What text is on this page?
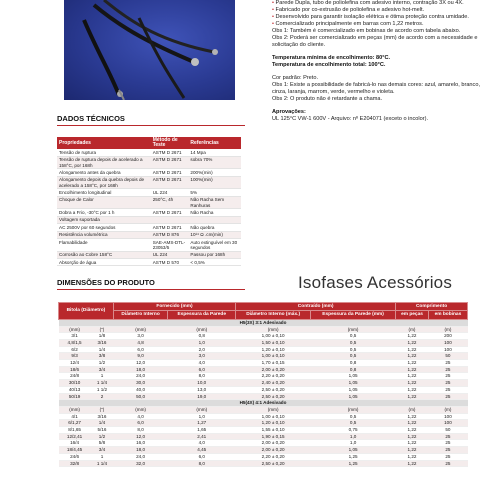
• Parede Dupla, tubo de poliolefina com adesivo interno, contração 3X ou 4X.

• Fabricado por co-extrusão de poliolefina e adesivo hot-melt.

• Desenvolvido para garantir isolação elétrica e ótima proteção contra umidade.

• Comercializado principalmente em barras com 1,22 metros.

Obs 1: Também é comercializado em bobinas de acordo com tabela abaixo.

Obs 2: Poderá ser comercializado em peças (mm) de acordo com a necessidade e solicitação do cliente.

Temperatura mínima de encolhimento: 80°C.

Temperatura de encolhimento total: 100°C.

Cor padrão: Preto.

Obs 1: Existe a possibilidade de fabricá-lo nas demais cores: azul, amarelo, branco, cinza, laranja, marrom, verde, vermelho e violeta.

Obs 2: O produto não é retardante a chama.

Aprovações:

UL 125°C VW-1 600V - Arquivo: nº E204071 (exceto o incolor).

DADOS TÉCNICOS
Propriedades	Método de Teste	Referências
Tensão de ruptura	ASTM D 2671	14 Mpa
Tensão de ruptura depois de acelerado a 158°C, por 168h	ASTM D 2671	sobra 70%
Alongamento antes da quebra	ASTM D 2671	200%(min)
Alongamento depois da quebra depois de acelerado a 158°C, por 168h	ASTM D 2671	100%(min)
Encolhimento longitudinal	UL 224	5%
Choque de Calor	250°C, 4h	Não Racha Sem Ranhuras
Dobra a Frio, -30°C por 1 h	ASTM D 2671	Não Racha
Voltagem suportada		
AC 2500V por 60 segundos	ASTM D 2671	Não quebra
Resistência volumétrica	ASTM D 876	10¹⁴ Ω .cm(min)
Flamabilidade	SAE-AMS-DTL-23053/5	Auto extinguível em 30 segundos
Corrosão ao Cobre 158°C	UL 224	Passou por 168h
Absorção de água	ASTM D 570	< 0,5%
Isofases Acessórios
DIMENSÕES DO PRODUTO
Bitola (Diâmetro)		Fornecido (mm)		Contraído (mm)		Comprimento	
		Diâmetro Interno	Espessura da Parede	Diâmetro Interno (máx.)	Espessura da Parede (mm)	em peças	em bobinas
H5(3X) 3:1 Adesivado							
(mm)	(")	(mm)	(mm)	(mm)	(mm)	(m)	(m)
3/1	1/8	3,0	0,8	1,00 ± 0,10	0,5	1,22	200
4,8/1,5	3/16	4,8	1,0	1,50 ± 0,10	0,5	1,22	100
6/2	1/4	6,0	2,0	1,20 ± 0,10	0,5	1,22	100
9/3	3/8	9,0	3,0	1,00 ± 0,10	0,5	1,22	50
12/4	1/2	12,0	4,0	1,70 ± 0,15	0,8	1,22	25
18/6	3/4	18,0	6,0	2,00 ± 0,20	0,8	1,22	25
24/8	1	24,0	8,0	2,20 ± 0,20	1,05	1,22	25
30/10	1 1/4	30,0	10,0	2,40 ± 0,20	1,05	1,22	25
40/13	1 1/2	40,0	13,0	2,50 ± 0,20	1,05	1,22	25
50/19	2	50,0	19,0	2,50 ± 0,20	1,05	1,22	25
H5(4X) 4:1 Adesivado							
(mm)	(")	(mm)	(mm)	(mm)	(mm)	(m)	(m)
4/1	3/16	4,0	1,0	1,00 ± 0,10	0,5	1,22	100
6/1,27	1/4	6,0	1,27	1,20 ± 0,10	0,5	1,22	100
8/1,65	5/16	8,0	1,65	1,55 ± 0,10	0,75	1,22	50
12/2,41	1/2	12,0	2,41	1,90 ± 0,15	1,0	1,22	25
16/4	5/8	16,0	4,0	2,00 ± 0,20	1,0	1,22	25
18/4,45	3/4	18,0	4,45	2,00 ± 0,20	1,05	1,22	25
24/6	1	24,0	6,0	2,20 ± 0,20	1,25	1,22	25
32/8	1 1/4	32,0	8,0	2,50 ± 0,20	1,25	1,22	25
